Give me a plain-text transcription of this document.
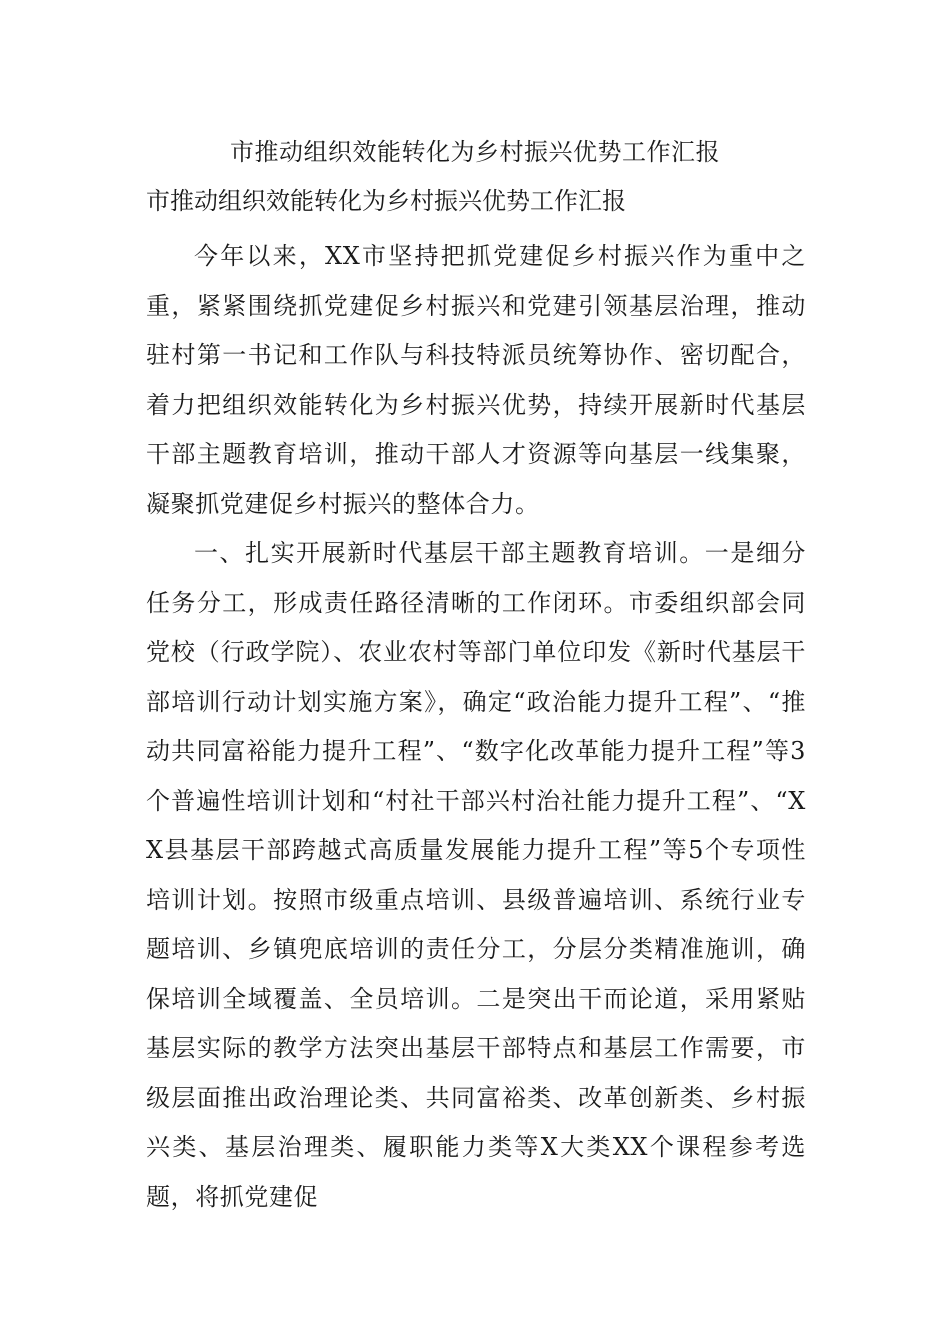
市推动组织效能转化为乡村振兴优势工作汇报
市推动组织效能转化为乡村振兴优势工作汇报

今年以来，XX市坚持把抓党建促乡村振兴作为重中之重，紧紧围绕抓党建促乡村振兴和党建引领基层治理，推动驻村第一书记和工作队与科技特派员统筹协作、密切配合，着力把组织效能转化为乡村振兴优势，持续开展新时代基层干部主题教育培训，推动干部人才资源等向基层一线集聚，凝聚抓党建促乡村振兴的整体合力。

一、扎实开展新时代基层干部主题教育培训。一是细分任务分工，形成责任路径清晰的工作闭环。市委组织部会同党校（行政学院）、农业农村等部门单位印发《新时代基层干部培训行动计划实施方案》，确定“政治能力提升工程”、“推动共同富裕能力提升工程”、“数字化改革能力提升工程”等3个普遍性培训计划和“村社干部兴村治社能力提升工程”、“XX县基层干部跨越式高质量发展能力提升工程”等5个专项性培训计划。按照市级重点培训、县级普遍培训、系统行业专题培训、乡镇兜底培训的责任分工，分层分类精准施训，确保培训全域覆盖、全员培训。二是突出干而论道，采用紧贴基层实际的教学方法突出基层干部特点和基层工作需要，市级层面推出政治理论类、共同富裕类、改革创新类、乡村振兴类、基层治理类、履职能力类等X大类XX个课程参考选题，将抓党建促
